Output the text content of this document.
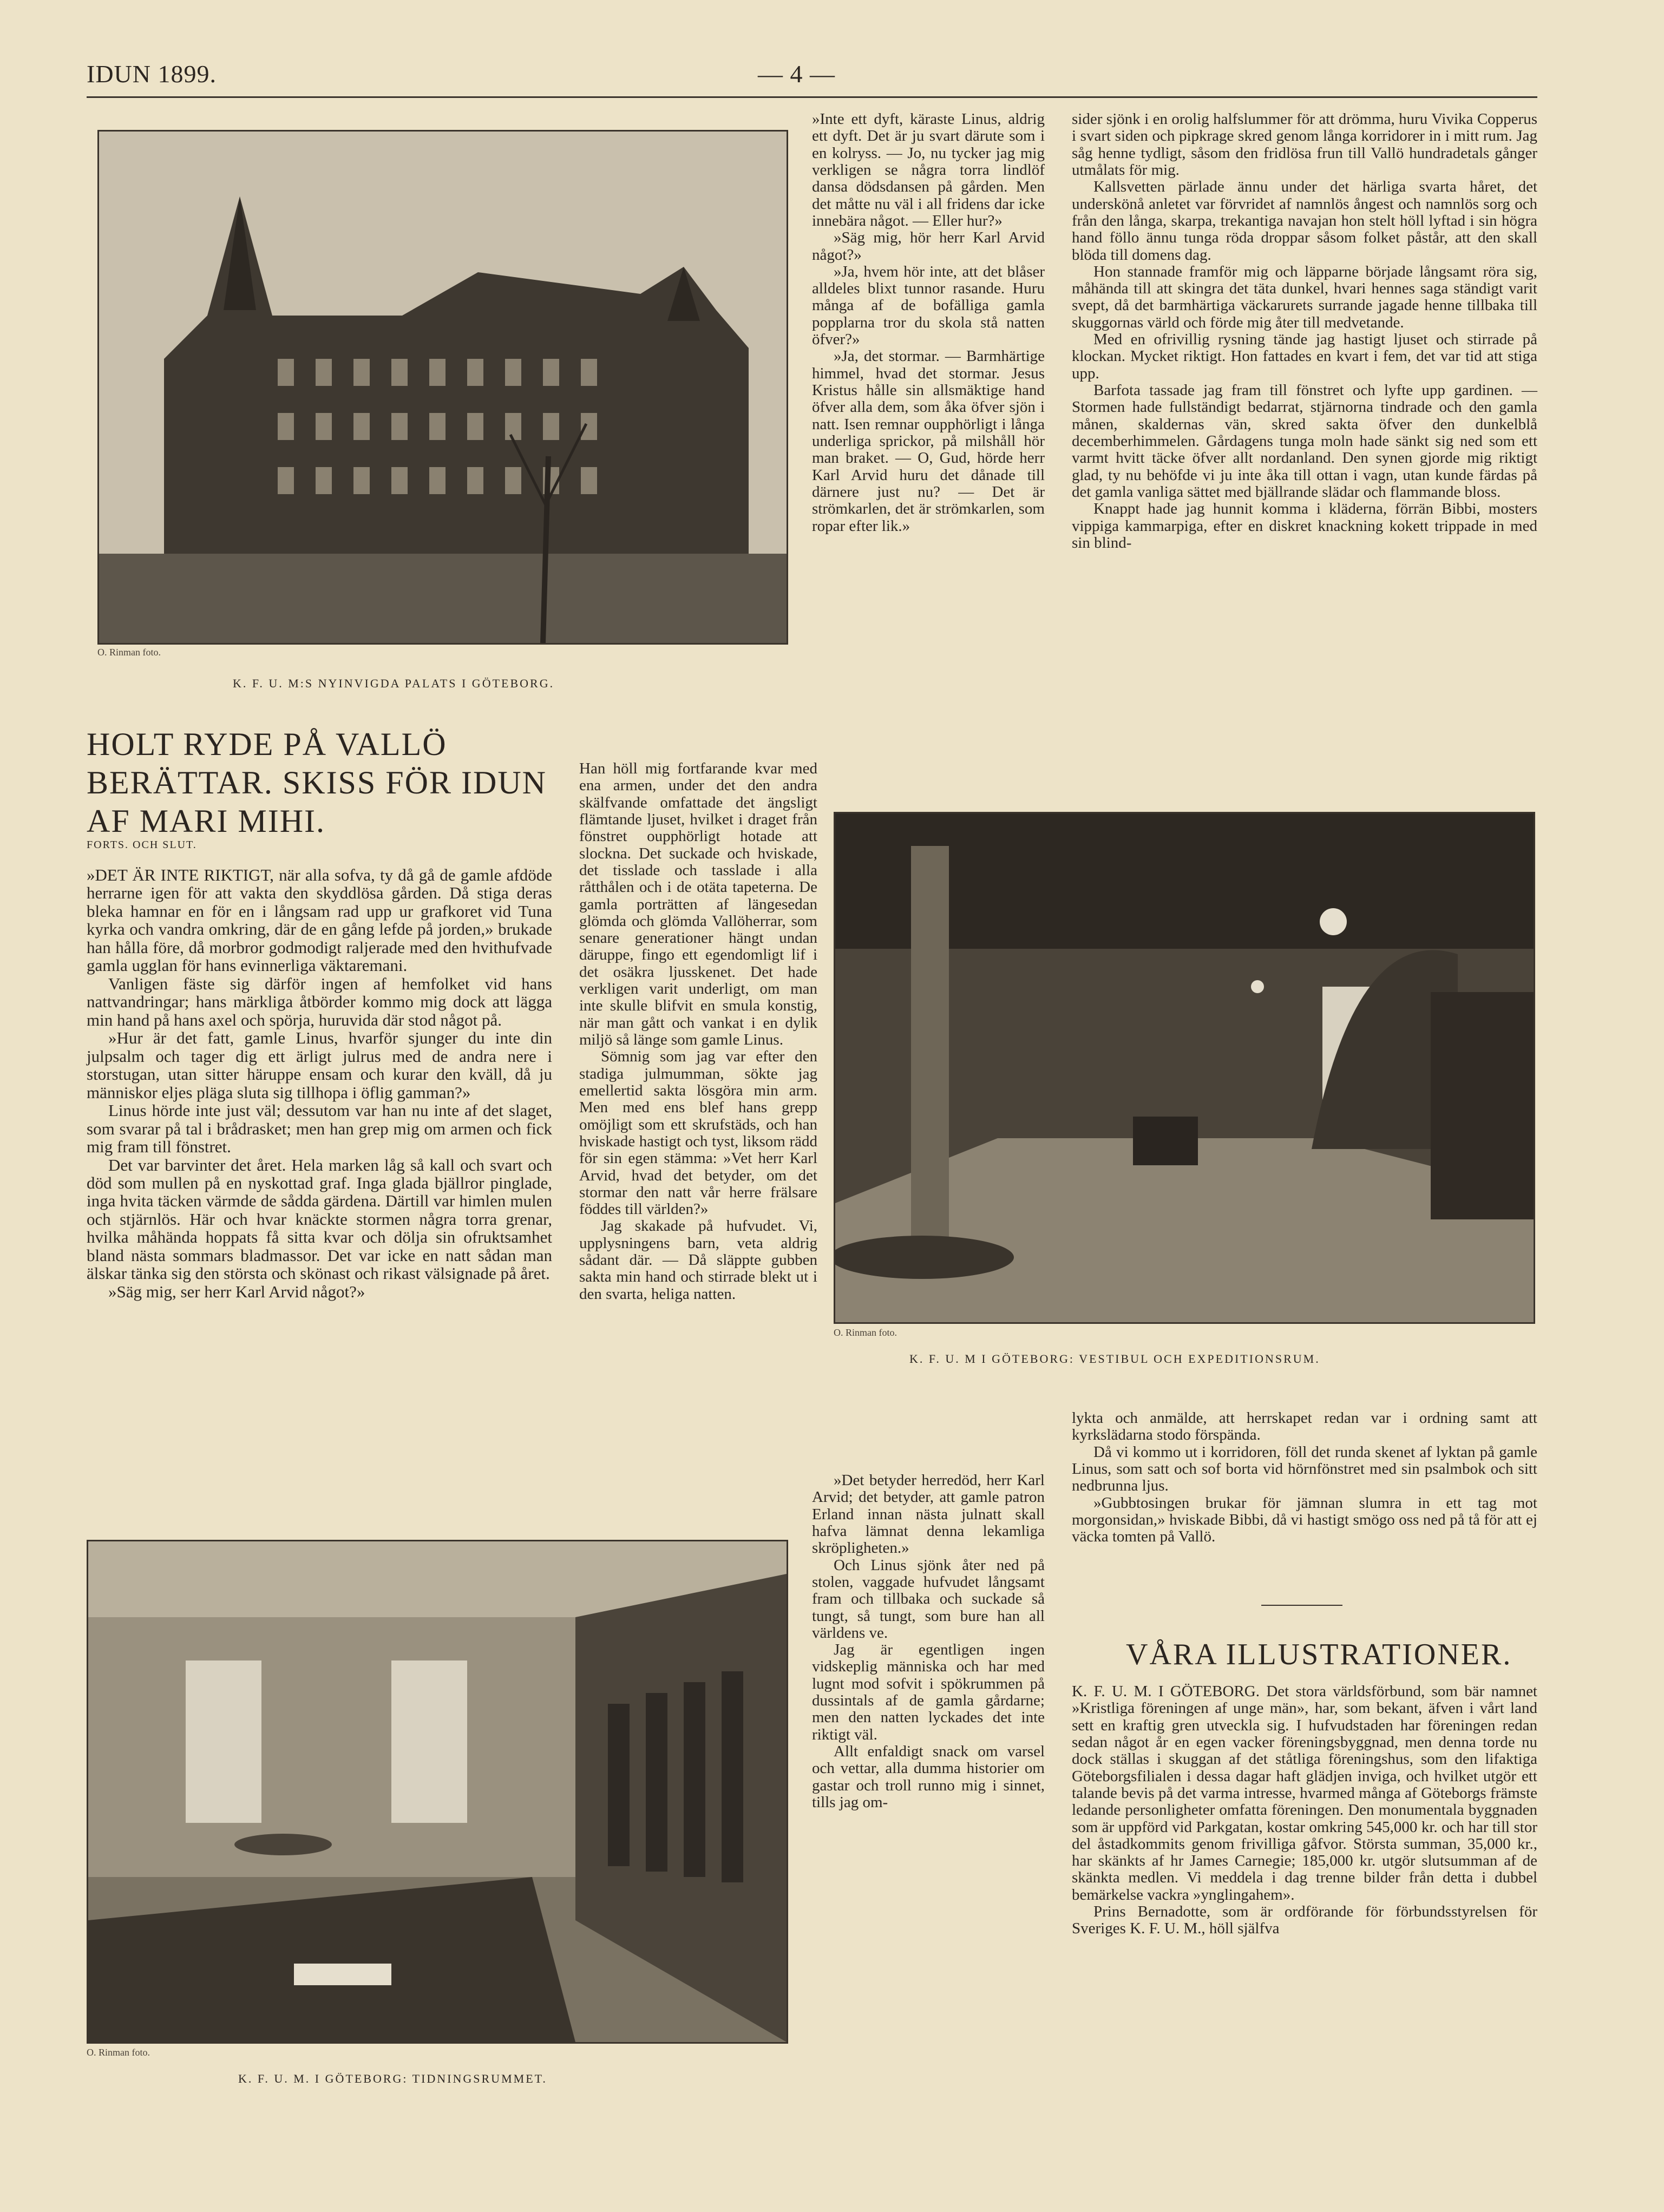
IDUN 1899.	— 4 —
O. Rinman foto.
K. F. U. M:S NYINVIGDA PALATS I GÖTEBORG.
HOLT RYDE PÅ VALLÖ BERÄTTAR. SKISS FÖR IDUN AF MARI MIHI.
FORTS. OCH SLUT.

»DET ÄR INTE RIKTIGT, när alla sofva, ty då gå de gamle afdöde herrarne igen för att vakta den skyddlösa gården. Då stiga deras bleka hamnar en för en i långsam rad upp ur grafkoret vid Tuna kyrka och vandra omkring, där de en gång lefde på jorden,» brukade han hålla före, då morbror godmodigt raljerade med den hvithufvade gamla ugglan för hans evinnerliga väktaremani.

Vanligen fäste sig därför ingen af hemfolket vid hans nattvandringar; hans märkliga åtbörder kommo mig dock att lägga min hand på hans axel och spörja, huruvida där stod något på.

»Hur är det fatt, gamle Linus, hvarför sjunger du inte din julpsalm och tager dig ett ärligt julrus med de andra nere i storstugan, utan sitter häruppe ensam och kurar den kväll, då ju människor eljes pläga sluta sig tillhopa i öflig gamman?»

Linus hörde inte just väl; dessutom var han nu inte af det slaget, som svarar på tal i brådrasket; men han grep mig om armen och fick mig fram till fönstret.

Det var barvinter det året. Hela marken låg så kall och svart och död som mullen på en nyskottad graf. Inga glada bjällror pinglade, inga hvita täcken värmde de sådda gärdena. Därtill var himlen mulen och stjärnlös. Här och hvar knäckte stormen några torra grenar, hvilka måhända hoppats få sitta kvar och dölja sin ofruktsamhet bland nästa sommars bladmassor. Det var icke en natt sådan man älskar tänka sig den största och skönast och rikast välsignade på året.

»Säg mig, ser herr Karl Arvid något?»

»Inte ett dyft, käraste Linus, aldrig ett dyft. Det är ju svart därute som i en kolryss. — Jo, nu tycker jag mig verkligen se några torra lindlöf dansa dödsdansen på gården. Men det måtte nu väl i all fridens dar icke innebära något. — Eller hur?»

»Säg mig, hör herr Karl Arvid något?»

»Ja, hvem hör inte, att det blåser alldeles blixt tunnor rasande. Huru många af de bofälliga gamla popplarna tror du skola stå natten öfver?»

»Ja, det stormar. — Barmhärtige himmel, hvad det stormar. Jesus Kristus hålle sin allsmäktige hand öfver alla dem, som åka öfver sjön i natt. Isen remnar oupphörligt i långa underliga sprickor, på milshåll hör man braket. — O, Gud, hörde herr Karl Arvid huru det dånade till därnere just nu? — Det är strömkarlen, det är strömkarlen, som ropar efter lik.»

Han höll mig fortfarande kvar med ena armen, under det den andra skälfvande omfattade det ängsligt flämtande ljuset, hvilket i draget från fönstret oupphörligt hotade att slockna. Det suckade och hviskade, det tisslade och tasslade i alla råtthålen och i de otäta tapeterna. De gamla porträtten af längesedan glömda och glömda Vallöherrar, som senare generationer hängt undan däruppe, fingo ett egendomligt lif i det osäkra ljusskenet. Det hade verkligen varit underligt, om man inte skulle blifvit en smula konstig, när man gått och vankat i en dylik miljö så länge som gamle Linus.

Sömnig som jag var efter den stadiga julmumman, sökte jag emellertid sakta lösgöra min arm. Men med ens blef hans grepp omöjligt som ett skrufstäds, och han hviskade hastigt och tyst, liksom rädd för sin egen stämma: »Vet herr Karl Arvid, hvad det betyder, om det stormar den natt vår herre frälsare föddes till världen?»

Jag skakade på hufvudet. Vi, upplysningens barn, veta aldrig sådant där. — Då släppte gubben sakta min hand och stirrade blekt ut i den svarta, heliga natten.

sider sjönk i en orolig halfslummer för att drömma, huru Vivika Copperus i svart siden och pipkrage skred genom långa korridorer in i mitt rum. Jag såg henne tydligt, såsom den fridlösa frun till Vallö hundradetals gånger utmålats för mig.

Kallsvetten pärlade ännu under det härliga svarta håret, det underskönå anletet var förvridet af namnlös ångest och namnlös sorg och från den långa, skarpa, trekantiga navajan hon stelt höll lyftad i sin högra hand föllo ännu tunga röda droppar såsom folket påstår, att den skall blöda till domens dag.

Hon stannade framför mig och läpparne började långsamt röra sig, måhända till att skingra det täta dunkel, hvari hennes saga ständigt varit svept, då det barmhärtiga väckarurets surrande jagade henne tillbaka till skuggornas värld och förde mig åter till medvetande.

Med en ofrivillig rysning tände jag hastigt ljuset och stirrade på klockan. Mycket riktigt. Hon fattades en kvart i fem, det var tid att stiga upp.

Barfota tassade jag fram till fönstret och lyfte upp gardinen. — Stormen hade fullständigt bedarrat, stjärnorna tindrade och den gamla månen, skaldernas vän, skred sakta öfver den dunkelblå decemberhimmelen. Gårdagens tunga moln hade sänkt sig ned som ett varmt hvitt täcke öfver allt nordanland. Den synen gjorde mig riktigt glad, ty nu behöfde vi ju inte åka till ottan i vagn, utan kunde färdas på det gamla vanliga sättet med bjällrande slädar och flammande bloss.

Knappt hade jag hunnit komma i kläderna, förrän Bibbi, mosters vippiga kammarpiga, efter en diskret knackning kokett trippade in med sin blind-

O. Rinman foto.
K. F. U. M I GÖTEBORG: VESTIBUL OCH EXPEDITIONSRUM.

lykta och anmälde, att herrskapet redan var i ordning samt att kyrkslädarna stodo förspända.

Då vi kommo ut i korridoren, föll det runda skenet af lyktan på gamle Linus, som satt och sof borta vid hörnfönstret med sin psalmbok och sitt nedbrunna ljus.

»Gubbtosingen brukar för jämnan slumra in ett tag mot morgonsidan,» hviskade Bibbi, då vi hastigt smögo oss ned på tå för att ej väcka tomten på Vallö.

»Det betyder herredöd, herr Karl Arvid; det betyder, att gamle patron Erland innan nästa julnatt skall hafva lämnat denna lekamliga skröpligheten.»

Och Linus sjönk åter ned på stolen, vaggade hufvudet långsamt fram och tillbaka och suckade så tungt, så tungt, som bure han all världens ve.

Jag är egentligen ingen vidskeplig människa och har med lugnt mod sofvit i spökrummen på dussintals af de gamla gårdarne; men den natten lyckades det inte riktigt väl.

Allt enfaldigt snack om varsel och vettar, alla dumma historier om gastar och troll runno mig i sinnet, tills jag om-

O. Rinman foto.
K. F. U. M. I GÖTEBORG: TIDNINGSRUMMET.
VÅRA ILLUSTRATIONER.

K. F. U. M. I GÖTEBORG. Det stora världsförbund, som bär namnet »Kristliga föreningen af unge män», har, som bekant, äfven i vårt land sett en kraftig gren utveckla sig. I hufvudstaden har föreningen redan sedan något år en egen vacker föreningsbyggnad, men denna torde nu dock ställas i skuggan af det ståtliga föreningshus, som den lifaktiga Göteborgsfilialen i dessa dagar haft glädjen inviga, och hvilket utgör ett talande bevis på det varma intresse, hvarmed många af Göteborgs främste ledande personligheter omfatta föreningen. Den monumentala byggnaden som är uppförd vid Parkgatan, kostar omkring 545,000 kr. och har till stor del åstadkommits genom frivilliga gåfvor. Största summan, 35,000 kr., har skänkts af hr James Carnegie; 185,000 kr. utgör slutsumman af de skänkta medlen. Vi meddela i dag trenne bilder från detta i dubbel bemärkelse vackra »ynglingahem».

Prins Bernadotte, som är ordförande för förbundsstyrelsen för Sveriges K. F. U. M., höll själfva
